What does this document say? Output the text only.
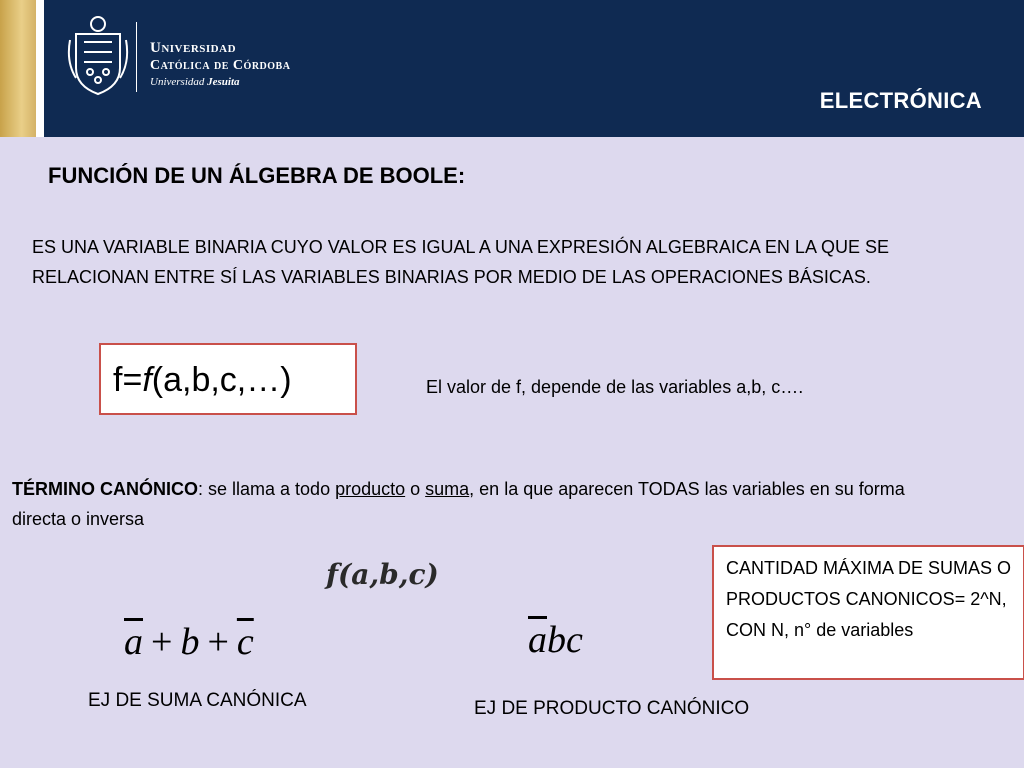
Universidad
Católica de Córdoba
Universidad Jesuita
ELECTRÓNICA
FUNCIÓN DE UN ÁLGEBRA DE BOOLE:
ES UNA VARIABLE BINARIA CUYO VALOR ES IGUAL A UNA EXPRESIÓN ALGEBRAICA EN LA QUE SE RELACIONAN ENTRE SÍ LAS VARIABLES BINARIAS POR MEDIO DE LAS OPERACIONES BÁSICAS.
f=f(a,b,c,…)	El valor de f, depende de las variables a,b, c….
TÉRMINO CANÓNICO: se llama a todo producto o suma, en la que aparecen TODAS las variables en su forma directa o inversa
f(a,b,c)	CANTIDAD MÁXIMA DE SUMAS O PRODUCTOS CANONICOS= 2^N, CON N, n° de variables
$\overline{a} + b + \overline{c}$	$\overline{a}bc$
EJ DE SUMA CANÓNICA	EJ DE PRODUCTO CANÓNICO
